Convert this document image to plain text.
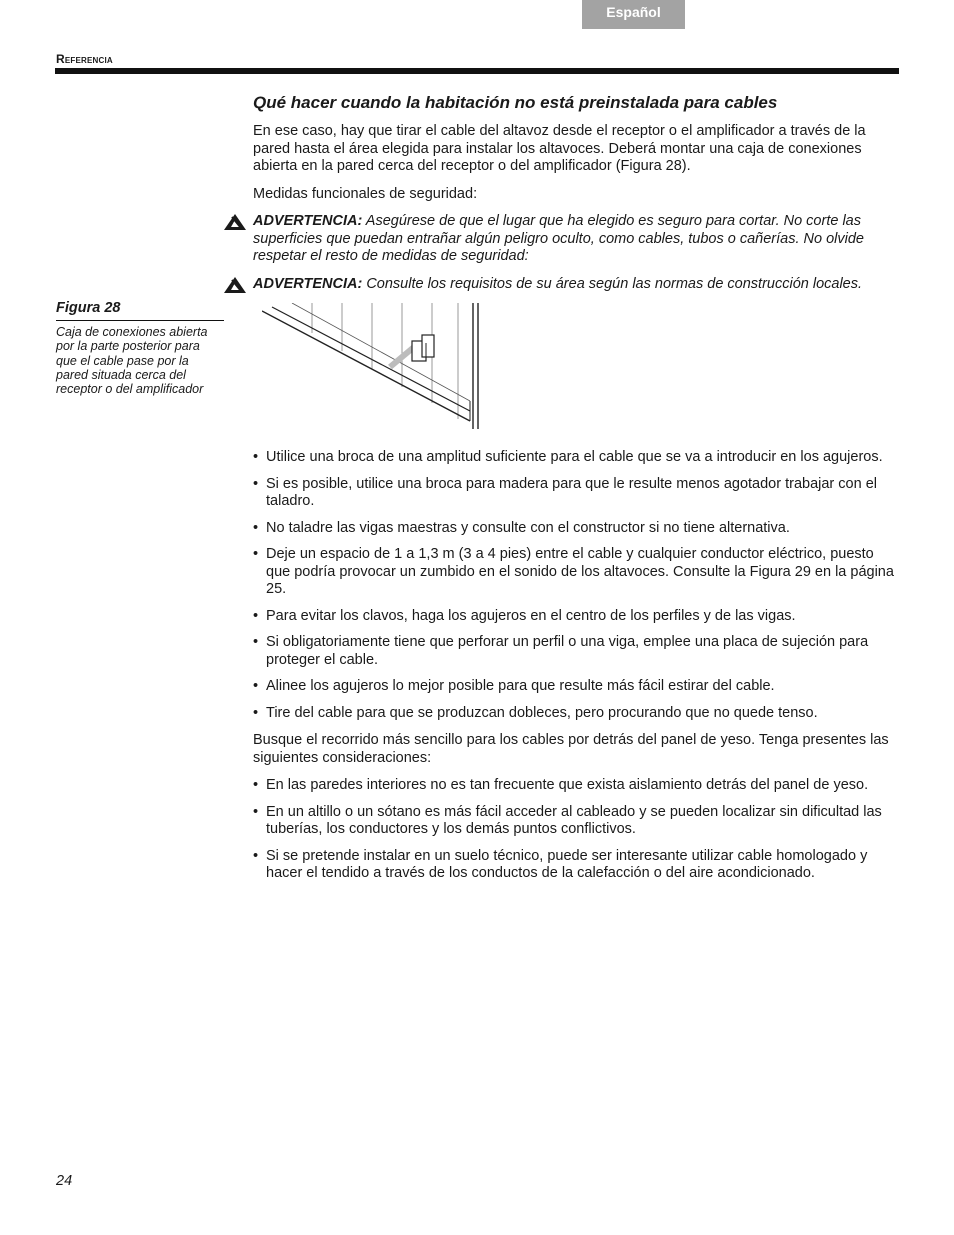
Español
Referencia
Figura 28
Caja de conexiones abierta por la parte posterior para que el cable pase por la pared situada cerca del receptor o del amplificador
Qué hacer cuando la habitación no está preinstalada para cables

En ese caso, hay que tirar el cable del altavoz desde el receptor o el amplificador a través de la pared hasta el área elegida para instalar los altavoces. Deberá montar una caja de conexiones abierta en la pared cerca del receptor o del amplificador (Figura 28).

Medidas funcionales de seguridad:

ADVERTENCIA: Asegúrese de que el lugar que ha elegido es seguro para cortar. No corte las superficies que puedan entrañar algún peligro oculto, como cables, tubos o cañerías. No olvide respetar el resto de medidas de seguridad:
ADVERTENCIA: Consulte los requisitos de su área según las normas de construcción locales.
• Utilice una broca de una amplitud suficiente para el cable que se va a introducir en los agujeros.
• Si es posible, utilice una broca para madera para que le resulte menos agotador trabajar con el taladro.
• No taladre las vigas maestras y consulte con el constructor si no tiene alternativa.
• Deje un espacio de 1 a 1,3 m (3 a 4 pies) entre el cable y cualquier conductor eléctrico, puesto que podría provocar un zumbido en el sonido de los altavoces. Consulte la Figura 29 en la página 25.
• Para evitar los clavos, haga los agujeros en el centro de los perfiles y de las vigas.
• Si obligatoriamente tiene que perforar un perfil o una viga, emplee una placa de sujeción para proteger el cable.
• Alinee los agujeros lo mejor posible para que resulte más fácil estirar del cable.
• Tire del cable para que se produzcan dobleces, pero procurando que no quede tenso.

Busque el recorrido más sencillo para los cables por detrás del panel de yeso. Tenga presentes las siguientes consideraciones:

• En las paredes interiores no es tan frecuente que exista aislamiento detrás del panel de yeso.
• En un altillo o un sótano es más fácil acceder al cableado y se pueden localizar sin dificultad las tuberías, los conductores y los demás puntos conflictivos.
• Si se pretende instalar en un suelo técnico, puede ser interesante utilizar cable homologado y hacer el tendido a través de los conductos de la calefacción o del aire acondicionado.
24
